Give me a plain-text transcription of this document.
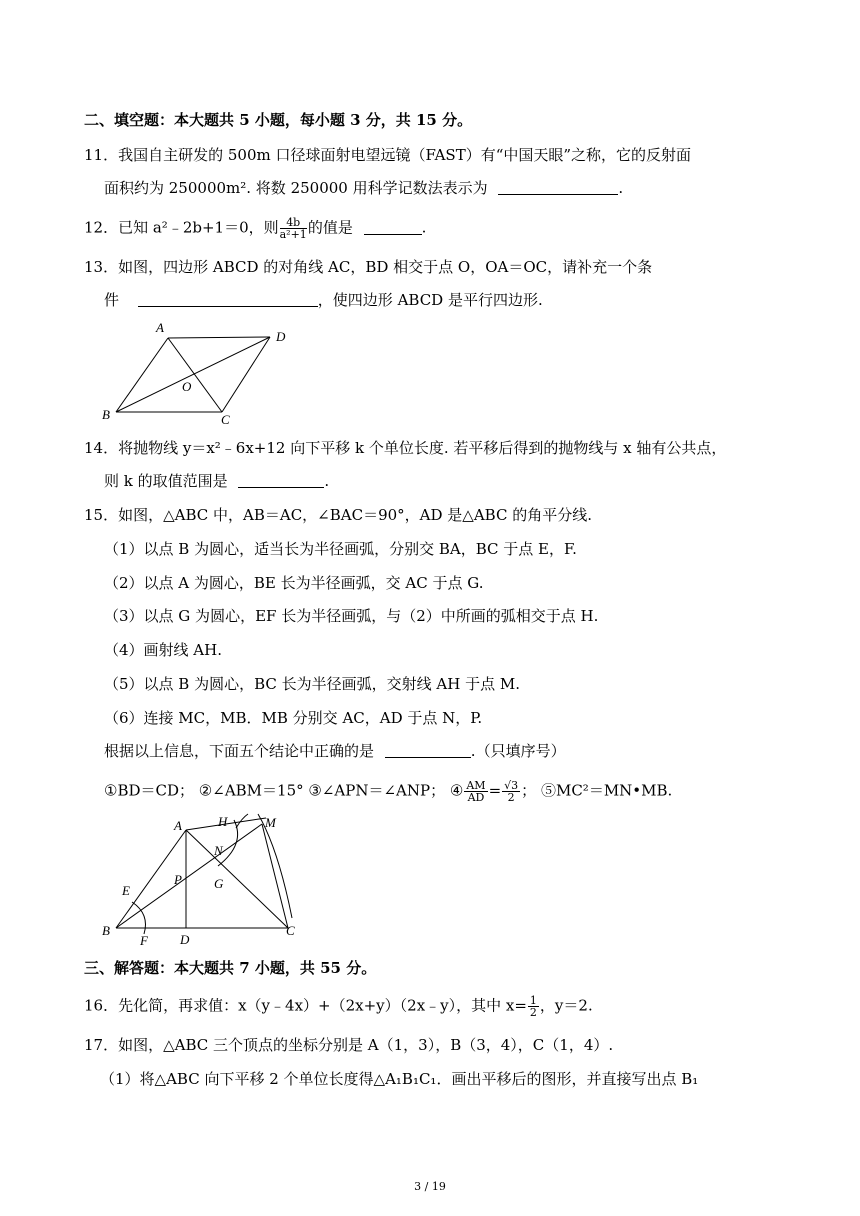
二、填空题：本大题共 5 小题，每小题 3 分，共 15 分。
11．我国自主研发的 500m 口径球面射电望远镜（FAST）有“中国天眼”之称，它的反射面
面积约为 250000m². 将数 250000 用科学记数法表示为	.
12．已知 a²﹣2b+1＝0，则 $\frac{4b}{\text{a²+1}}$ 的值是	.
13．如图，四边形 ABCD 的对角线 AC，BD 相交于点 O，OA＝OC，请补充一个条
件	，使四边形 ABCD 是平行四边形.
A
D
B	C
O
14．将抛物线 y＝x²﹣6x+12 向下平移 k 个单位长度. 若平移后得到的抛物线与 x 轴有公共点，
则 k 的取值范围是	.
15．如图，△ABC 中，AB＝AC，∠BAC＝90°，AD 是△ABC 的角平分线.
（1）以点 B 为圆心，适当长为半径画弧，分别交 BA，BC 于点 E，F.
（2）以点 A 为圆心，BE 长为半径画弧，交 AC 于点 G.
（3）以点 G 为圆心，EF 长为半径画弧，与（2）中所画的弧相交于点 H.
（4）画射线 AH.
（5）以点 B 为圆心，BC 长为半径画弧，交射线 AH 于点 M.
（6）连接 MC，MB．MB 分别交 AC，AD 于点 N，P.
根据以上信息，下面五个结论中正确的是	.（只填序号）
①BD＝CD； ②∠ABM＝15° ③∠APN＝∠ANP； ④ $\frac{AM}{AD} = \frac{√3}{2}$ ； ⑤MC²＝MN•MB.
A	H	M
N
G
P
E
B
F D
C
三、解答题：本大题共 7 小题，共 55 分。
16．先化简，再求值：x（y﹣4x）+（2x+y）（2x﹣y），其中 $x= \frac{1}{2}$ ，y＝2.
17．如图，△ABC 三个顶点的坐标分别是 A（1，3），B（3，4），C（1，4）.
（1）将△ABC 向下平移 2 个单位长度得△A₁B₁C₁．画出平移后的图形，并直接写出点 B₁
3 / 19
